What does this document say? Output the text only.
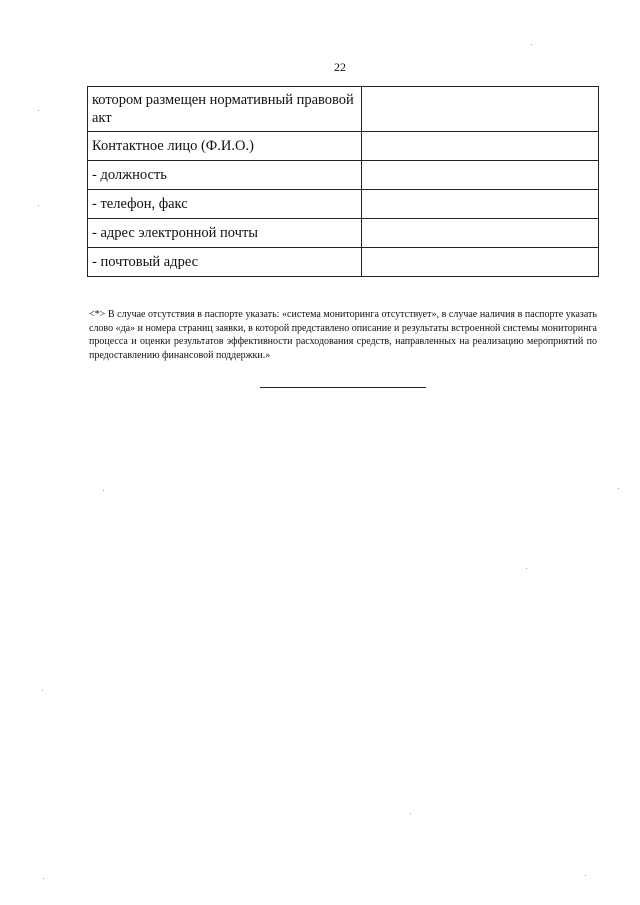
22
котором размещен нормативный правовой акт	
Контактное лицо (Ф.И.О.)	
- должность	
- телефон, факс	
- адрес электронной почты	
- почтовый адрес	
<*> В случае отсутствия в паспорте указать: «система мониторинга отсутствует», в случае наличия в паспорте указать слово «да» и номера страниц заявки, в которой представлено описание и результаты встроенной системы мониторинга процесса и оценки результатов эффективности расходования средств, направленных на реализацию мероприятий по предоставлению финансовой поддержки.»
